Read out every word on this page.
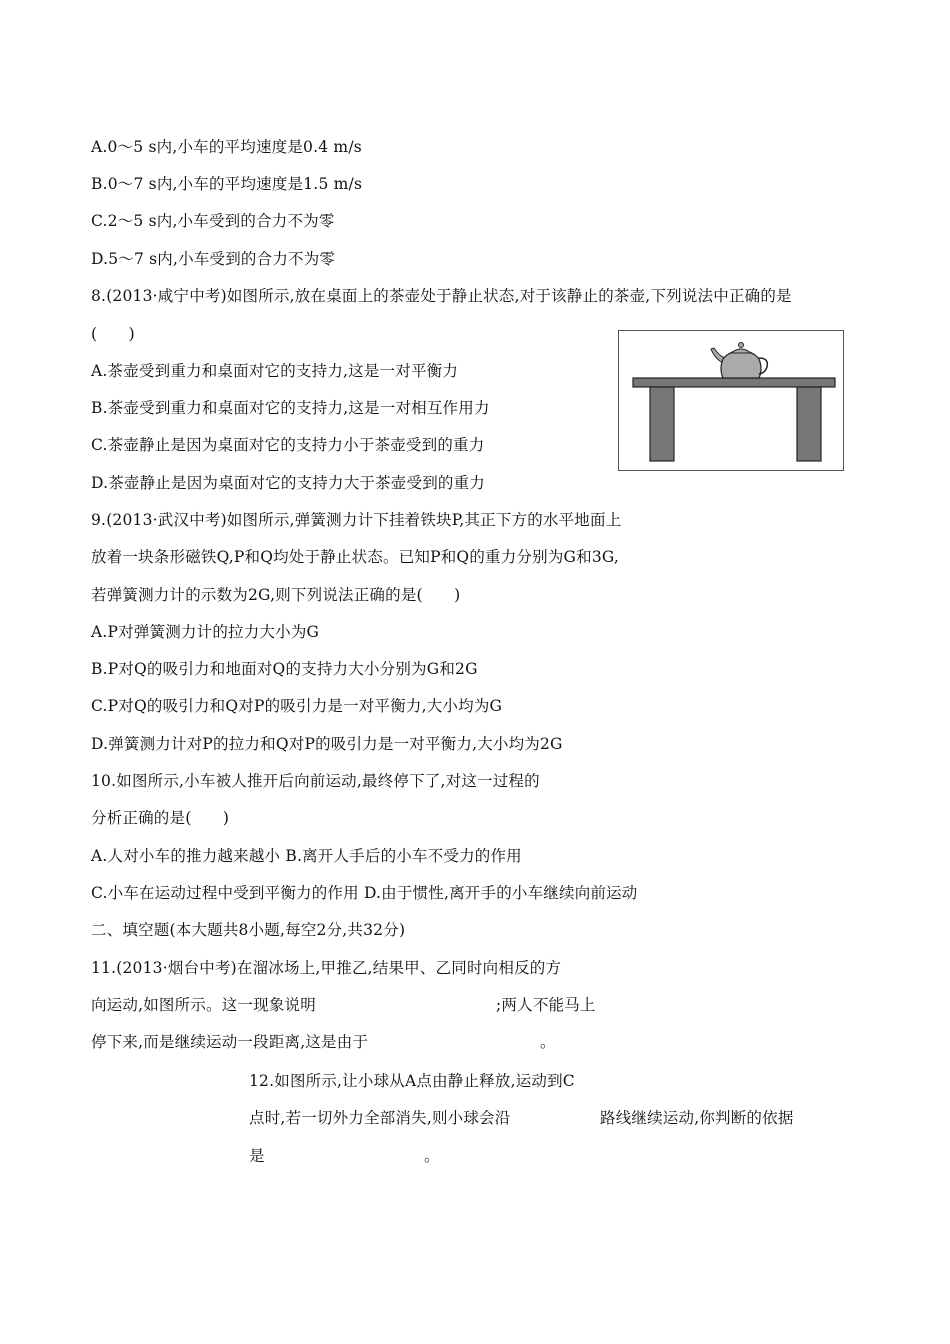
A.0～5 s内,小车的平均速度是0.4 m/s
B.0～7 s内,小车的平均速度是1.5 m/s
C.2～5 s内,小车受到的合力不为零
D.5～7 s内,小车受到的合力不为零
8.(2013·咸宁中考)如图所示,放在桌面上的茶壶处于静止状态,对于该静止的茶壶,下列说法中正确的是
(　　)
A.茶壶受到重力和桌面对它的支持力,这是一对平衡力
B.茶壶受到重力和桌面对它的支持力,这是一对相互作用力
C.茶壶静止是因为桌面对它的支持力小于茶壶受到的重力
D.茶壶静止是因为桌面对它的支持力大于茶壶受到的重力
9.(2013·武汉中考)如图所示,弹簧测力计下挂着铁块P,其正下方的水平地面上
放着一块条形磁铁Q,P和Q均处于静止状态。已知P和Q的重力分别为G和3G,
若弹簧测力计的示数为2G,则下列说法正确的是(　　)
A.P对弹簧测力计的拉力大小为G
B.P对Q的吸引力和地面对Q的支持力大小分别为G和2G
C.P对Q的吸引力和Q对P的吸引力是一对平衡力,大小均为G
D.弹簧测力计对P的拉力和Q对P的吸引力是一对平衡力,大小均为2G
10.如图所示,小车被人推开后向前运动,最终停下了,对这一过程的
分析正确的是(　　)
A.人对小车的推力越来越小 B.离开人手后的小车不受力的作用
C.小车在运动过程中受到平衡力的作用 D.由于惯性,离开手的小车继续向前运动
二、填空题(本大题共8小题,每空2分,共32分)
11.(2013·烟台中考)在溜冰场上,甲推乙,结果甲、乙同时向相反的方
向运动,如图所示。这一现象说明	;两人不能马上
停下来,而是继续运动一段距离,这是由于	。
12.如图所示,让小球从A点由静止释放,运动到C
点时,若一切外力全部消失,则小球会沿	路线继续运动,你判断的依据
是	。
